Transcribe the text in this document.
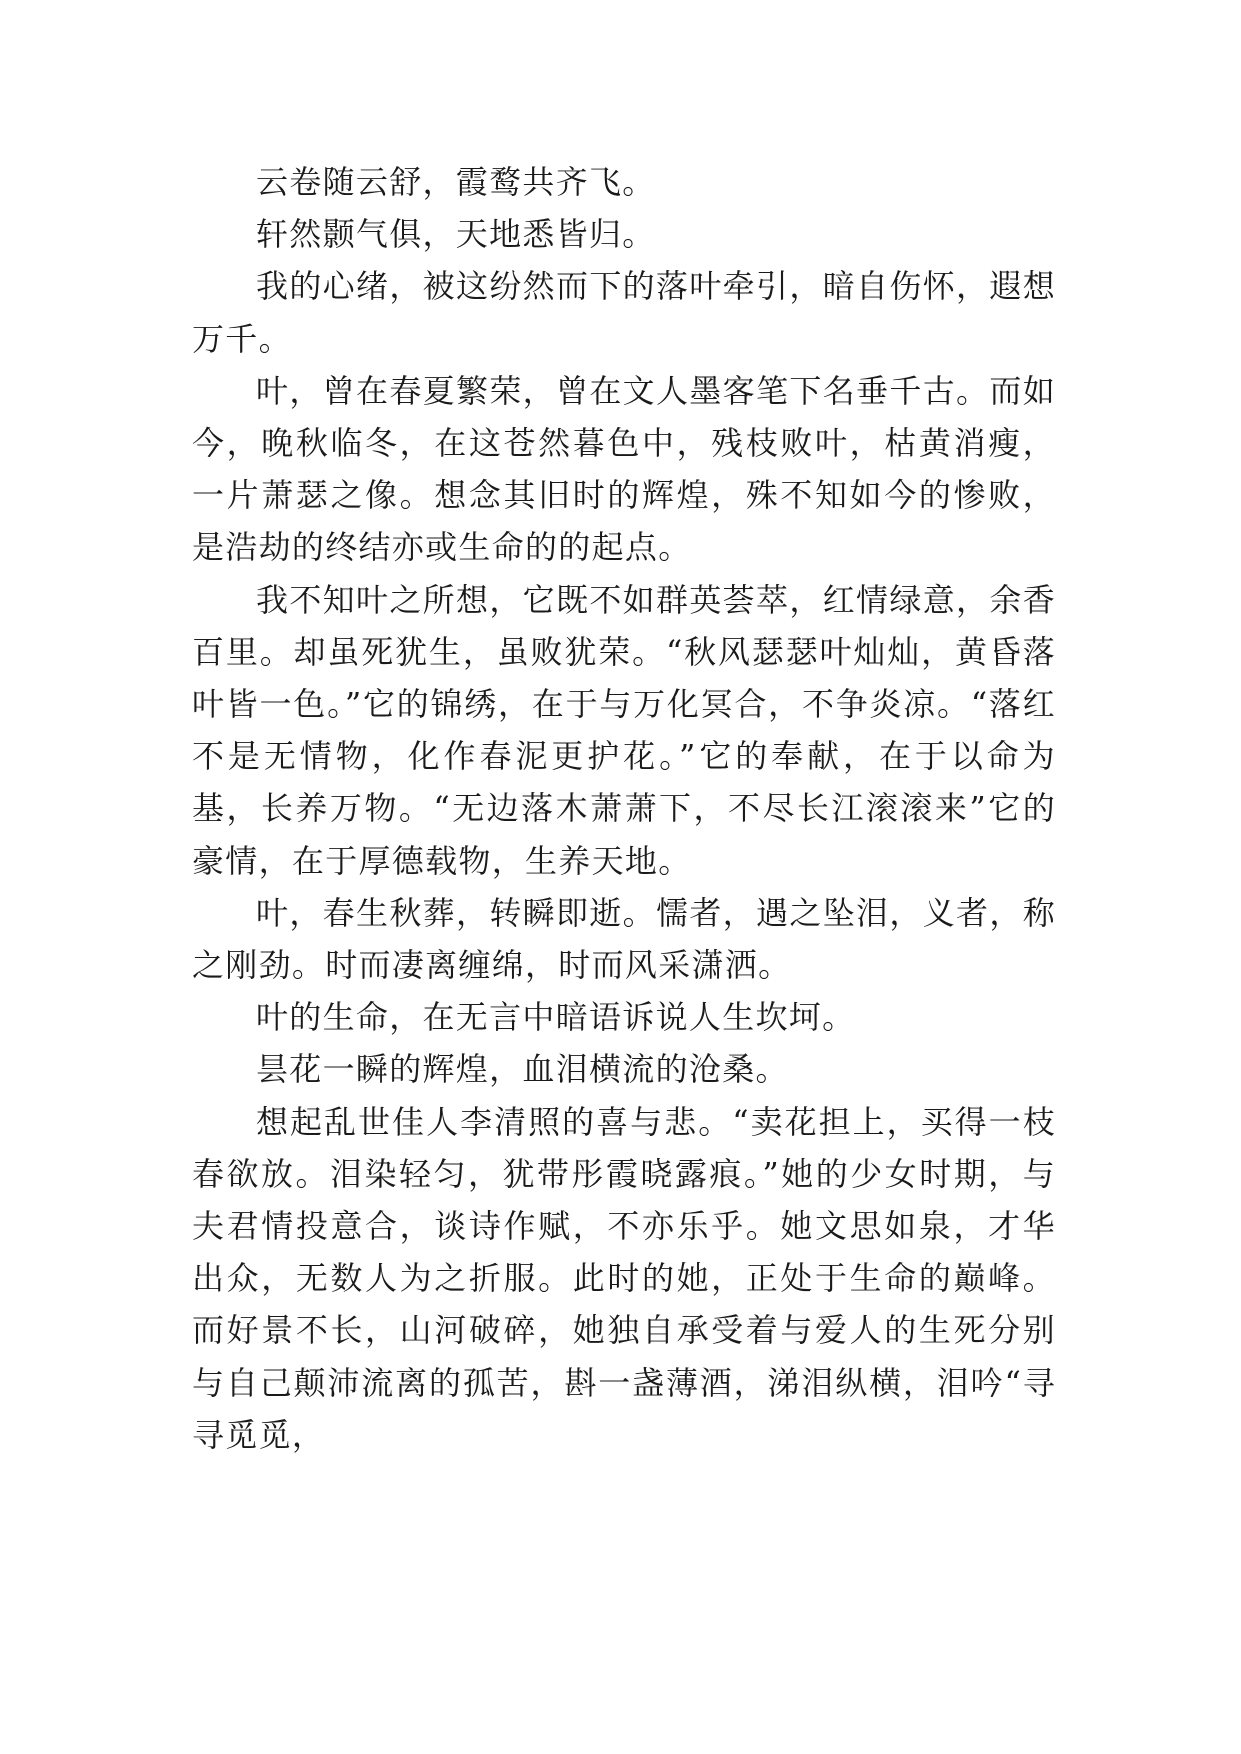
云卷随云舒，霞鹜共齐飞。

轩然颢气俱，天地悉皆归。

我的心绪，被这纷然而下的落叶牵引，暗自伤怀，遐想万千。

叶，曾在春夏繁荣，曾在文人墨客笔下名垂千古。而如今，晚秋临冬，在这苍然暮色中，残枝败叶，枯黄消瘦，一片萧瑟之像。想念其旧时的辉煌，殊不知如今的惨败，是浩劫的终结亦或生命的的起点。

我不知叶之所想，它既不如群英荟萃，红情绿意，余香百里。却虽死犹生，虽败犹荣。“秋风瑟瑟叶灿灿，黄昏落叶皆一色。”它的锦绣，在于与万化冥合，不争炎凉。“落红不是无情物，化作春泥更护花。”它的奉献，在于以命为基，长养万物。“无边落木萧萧下，不尽长江滚滚来”它的豪情，在于厚德载物，生养天地。

叶，春生秋葬，转瞬即逝。懦者，遇之坠泪，义者，称之刚劲。时而凄离缠绵，时而风采潇洒。

叶的生命，在无言中暗语诉说人生坎坷。

昙花一瞬的辉煌，血泪横流的沧桑。

想起乱世佳人李清照的喜与悲。“卖花担上，买得一枝春欲放。泪染轻匀，犹带彤霞晓露痕。”她的少女时期，与夫君情投意合，谈诗作赋，不亦乐乎。她文思如泉，才华出众，无数人为之折服。此时的她，正处于生命的巅峰。而好景不长，山河破碎，她独自承受着与爱人的生死分别与自己颠沛流离的孤苦，斟一盏薄酒，涕泪纵横，泪吟“寻寻觅觅，
